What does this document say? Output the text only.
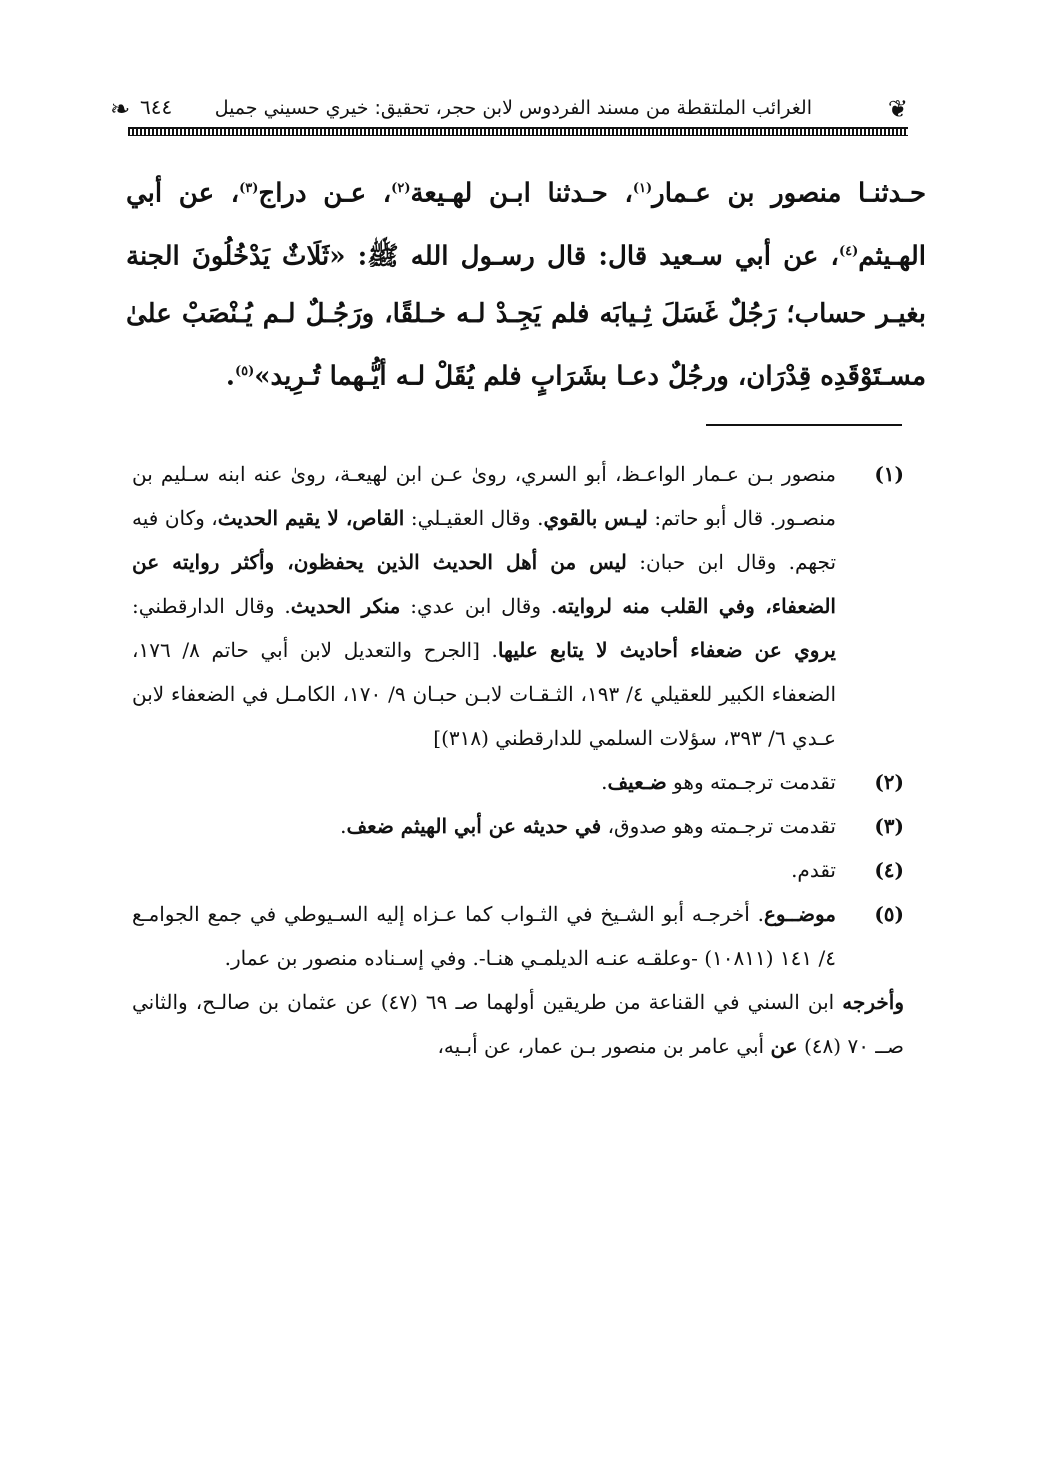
❦
الغرائب الملتقطة من مسند الفردوس لابن حجر، تحقيق: خيري حسيني جميل
٦٤٤
❧

حـدثنـا منصور بن عـمار$^{(١)}$، حـدثنا ابـن لهـيعة$^{(٢)}$، عـن دراج$^{(٣)}$، عن أبي الهـيثم$^{(٤)}$، عن أبي سـعيد قال: قال رسـول الله ﷺ: «ثَلَاثٌ يَدْخُلُونَ الجنة بغيـر حساب؛ رَجُلٌ غَسَلَ ثِـيابَه فلم يَجِـدْ لـه خـلقًا، ورَجُـلٌ لـم يُـنْصَبْ علىٰ مسـتَوْقَدِه قِدْرَان، ورجُلٌ دعـا بشَرَابٍ فلم يُقَلْ لـه أيُّـهما تُـرِيد»$^{(٥)}$.

(١)
منصور بـن عـمار الواعـظ، أبو السري، روىٰ عـن ابن لهيعـة، روىٰ عنه ابنه سـليم بن منصـور. قال أبو حاتم: ليـس بالقوي. وقال العقيـلي: القاص، لا يقيم الحديث، وكان فيه تجهم. وقال ابن حبان: ليس من أهل الحديث الذين يحفظون، وأكثر روايته عن الضعفاء، وفي القلب منه لروايته. وقال ابن عدي: منكر الحديث. وقال الدارقطني: يروي عن ضعفاء أحاديث لا يتابع عليها. [الجرح والتعديل لابن أبي حاتم ٨/ ١٧٦، الضعفاء الكبير للعقيلي ٤/ ١٩٣، الثـقـات لابـن حبـان ٩/ ١٧٠، الكامـل في الضعفاء لابن عـدي ٦/ ٣٩٣، سؤلات السلمي للدارقطني (٣١٨)]
(٢)
تقدمت ترجـمته وهو ضـعيف.
(٣)
تقدمت ترجـمته وهو صدوق، في حديثه عن أبي الهيثم ضعف.
(٤)
تقدم.
(٥)
موضــوع. أخرجـه أبو الشـيخ في الثـواب كما عـزاه إليه السـيوطي في جمع الجوامـع ٤/ ١٤١ (١٠٨١١) -وعلقـه عنـه الديلمـي هنـا-. وفي إسـناده منصور بن عمار.
وأخرجه ابن السني في القناعة من طريقين أولهما صـ ٦٩ (٤٧) عن عثمان بن صالـح، والثاني صــ ٧٠ (٤٨) عن أبي عامر بن منصور بـن عمار، عن أبـيه،
